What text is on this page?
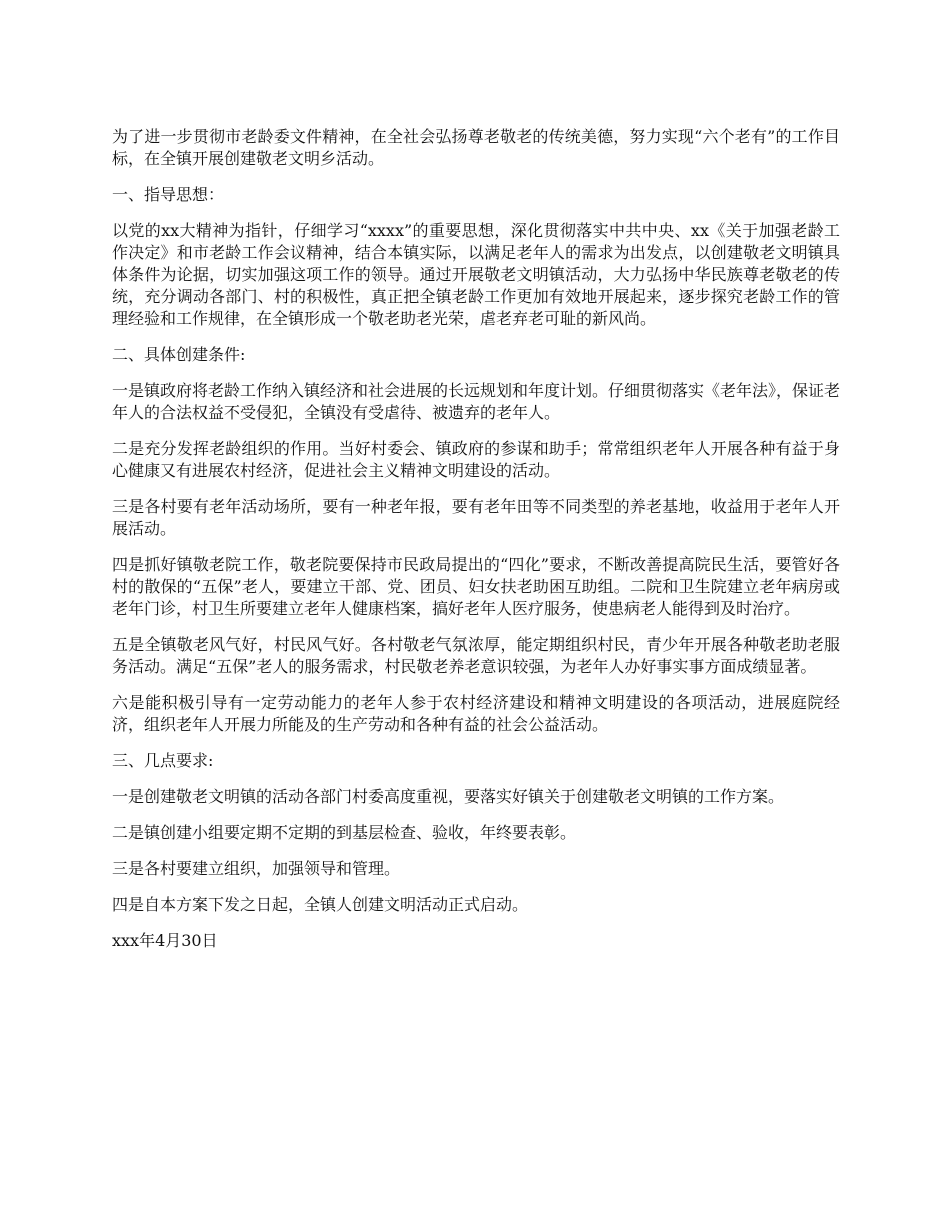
为了进一步贯彻市老龄委文件精神，在全社会弘扬尊老敬老的传统美德，努力实现“六个老有”的工作目标，在全镇开展创建敬老文明乡活动。

一、指导思想：

以党的xx大精神为指针，仔细学习“xxxx”的重要思想，深化贯彻落实中共中央、xx《关于加强老龄工作决定》和市老龄工作会议精神，结合本镇实际，以满足老年人的需求为出发点，以创建敬老文明镇具体条件为论据，切实加强这项工作的领导。通过开展敬老文明镇活动，大力弘扬中华民族尊老敬老的传统，充分调动各部门、村的积极性，真正把全镇老龄工作更加有效地开展起来，逐步探究老龄工作的管理经验和工作规律，在全镇形成一个敬老助老光荣，虐老弃老可耻的新风尚。

二、具体创建条件:

一是镇政府将老龄工作纳入镇经济和社会进展的长远规划和年度计划。仔细贯彻落实《老年法》，保证老年人的合法权益不受侵犯，全镇没有受虐待、被遗弃的老年人。

二是充分发挥老龄组织的作用。当好村委会、镇政府的参谋和助手；常常组织老年人开展各种有益于身心健康又有进展农村经济，促进社会主义精神文明建设的活动。

三是各村要有老年活动场所，要有一种老年报，要有老年田等不同类型的养老基地，收益用于老年人开展活动。

四是抓好镇敬老院工作，敬老院要保持市民政局提出的“四化”要求，不断改善提高院民生活，要管好各村的散保的“五保”老人，要建立干部、党、团员、妇女扶老助困互助组。二院和卫生院建立老年病房或老年门诊，村卫生所要建立老年人健康档案，搞好老年人医疗服务，使患病老人能得到及时治疗。

五是全镇敬老风气好，村民风气好。各村敬老气氛浓厚，能定期组织村民，青少年开展各种敬老助老服务活动。满足“五保”老人的服务需求，村民敬老养老意识较强，为老年人办好事实事方面成绩显著。

六是能积极引导有一定劳动能力的老年人参于农村经济建设和精神文明建设的各项活动，进展庭院经济，组织老年人开展力所能及的生产劳动和各种有益的社会公益活动。

三、几点要求:

一是创建敬老文明镇的活动各部门村委高度重视，要落实好镇关于创建敬老文明镇的工作方案。

二是镇创建小组要定期不定期的到基层检查、验收，年终要表彰。

三是各村要建立组织，加强领导和管理。

四是自本方案下发之日起，全镇人创建文明活动正式启动。

xxx年4月30日
